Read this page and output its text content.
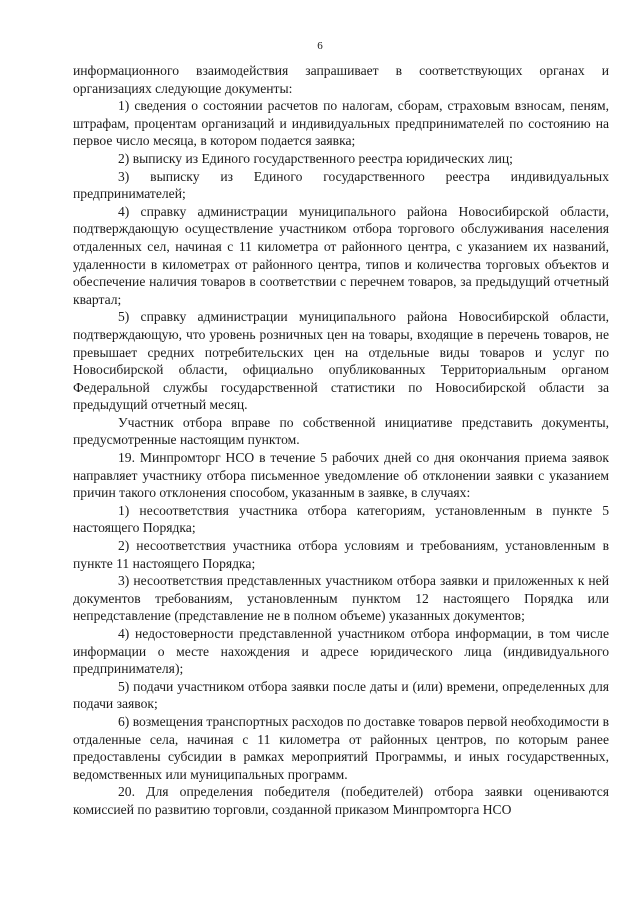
6

информационного взаимодействия запрашивает в соответствующих органах и организациях следующие документы:

1) сведения о состоянии расчетов по налогам, сборам, страховым взносам, пеням, штрафам, процентам организаций и индивидуальных предпринимателей по состоянию на первое число месяца, в котором подается заявка;

2) выписку из Единого государственного реестра юридических лиц;

3) выписку из Единого государственного реестра индивидуальных предпринимателей;

4) справку администрации муниципального района Новосибирской области, подтверждающую осуществление участником отбора торгового обслуживания населения отдаленных сел, начиная с 11 километра от районного центра, с указанием их названий, удаленности в километрах от районного центра, типов и количества торговых объектов и обеспечение наличия товаров в соответствии с перечнем товаров, за предыдущий отчетный квартал;

5) справку администрации муниципального района Новосибирской области, подтверждающую, что уровень розничных цен на товары, входящие в перечень товаров, не превышает средних потребительских цен на отдельные виды товаров и услуг по Новосибирской области, официально опубликованных Территориальным органом Федеральной службы государственной статистики по Новосибирской области за предыдущий отчетный месяц.

Участник отбора вправе по собственной инициативе представить документы, предусмотренные настоящим пунктом.

19. Минпромторг НСО в течение 5 рабочих дней со дня окончания приема заявок направляет участнику отбора письменное уведомление об отклонении заявки с указанием причин такого отклонения способом, указанным в заявке, в случаях:

1) несоответствия участника отбора категориям, установленным в пункте 5 настоящего Порядка;

2) несоответствия участника отбора условиям и требованиям, установленным в пункте 11 настоящего Порядка;

3) несоответствия представленных участником отбора заявки и приложенных к ней документов требованиям, установленным пунктом 12 настоящего Порядка или непредставление (представление не в полном объеме) указанных документов;

4) недостоверности представленной участником отбора информации, в том числе информации о месте нахождения и адресе юридического лица (индивидуального предпринимателя);

5) подачи участником отбора заявки после даты и (или) времени, определенных для подачи заявок;

6) возмещения транспортных расходов по доставке товаров первой необходимости в отдаленные села, начиная с 11 километра от районных центров, по которым ранее предоставлены субсидии в рамках мероприятий Программы, и иных государственных, ведомственных или муниципальных программ.

20. Для определения победителя (победителей) отбора заявки оцениваются комиссией по развитию торговли, созданной приказом Минпромторга НСО
